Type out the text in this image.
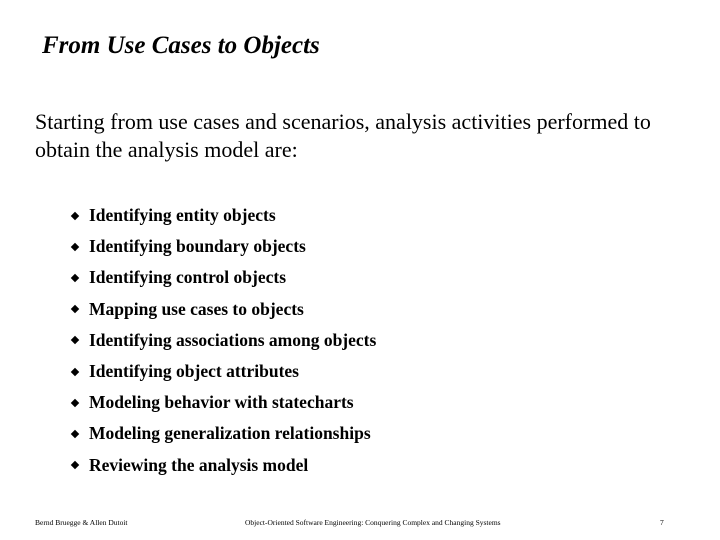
From Use Cases to Objects
Starting from use cases and scenarios, analysis activities performed to obtain the analysis model are:
Identifying entity objects
Identifying boundary objects
Identifying control objects
Mapping use cases to objects
Identifying associations among objects
Identifying object attributes
Modeling behavior with statecharts
Modeling generalization relationships
Reviewing the analysis model
Bernd Bruegge & Allen Dutoit	Object-Oriented Software Engineering: Conquering Complex and Changing Systems	7
